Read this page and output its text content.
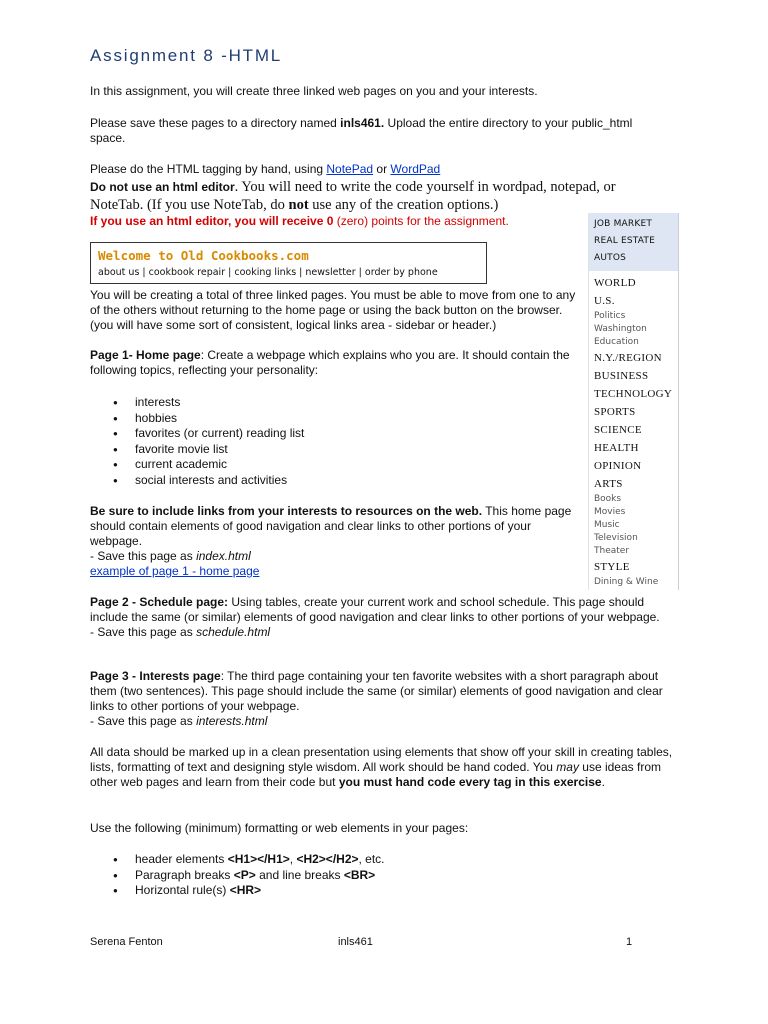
Assignment 8 -HTML

In this assignment, you will create three linked web pages on you and your interests.

Please save these pages to a directory named inls461. Upload the entire directory to your public_html space.

Please do the HTML tagging by hand, using NotePad or WordPad

Do not use an html editor. You will need to write the code yourself in wordpad, notepad, or NoteTab. (If you use NoteTab, do not use any of the creation options.)

If you use an html editor, you will receive 0 (zero) points for the assignment.

Welcome to Old Cookbooks.com
about us | cookbook repair | cooking links | newsletter | order by phone

You will be creating a total of three linked pages. You must be able to move from one to any of the others without returning to the home page or using the back button on the browser. (you will have some sort of consistent, logical links area - sidebar or header.)

Page 1- Home page: Create a webpage which explains who you are. It should contain the following topics, reflecting your personality:

● interests
● hobbies
● favorites (or current) reading list
● favorite movie list
● current academic
● social interests and activities

Be sure to include links from your interests to resources on the web. This home page should contain elements of good navigation and clear links to other portions of your webpage.

- Save this page as index.html

example of page 1 - home page

Page 2 - Schedule page: Using tables, create your current work and school schedule. This page should include the same (or similar) elements of good navigation and clear links to other portions of your webpage.

- Save this page as schedule.html

Page 3 - Interests page: The third page containing your ten favorite websites with a short paragraph about them (two sentences). This page should include the same (or similar) elements of good navigation and clear links to other portions of your webpage.

- Save this page as interests.html

All data should be marked up in a clean presentation using elements that show off your skill in creating tables, lists, formatting of text and designing style wisdom. All work should be hand coded. You may use ideas from other web pages and learn from their code but you must hand code every tag in this exercise.

Use the following (minimum) formatting or web elements in your pages:

● header elements <H1></H1>, <H2></H2>, etc.
● Paragraph breaks <P> and line breaks <BR>
● Horizontal rule(s) <HR>
JOB MARKET
REAL ESTATE
AUTOS
WORLD
U.S.
Politics
Washington
Education
N.Y./REGION
BUSINESS
TECHNOLOGY
SPORTS
SCIENCE
HEALTH
OPINION
ARTS
Books
Movies
Music
Television
Theater
STYLE
Dining & Wine
Serena Fenton	inls461	1
